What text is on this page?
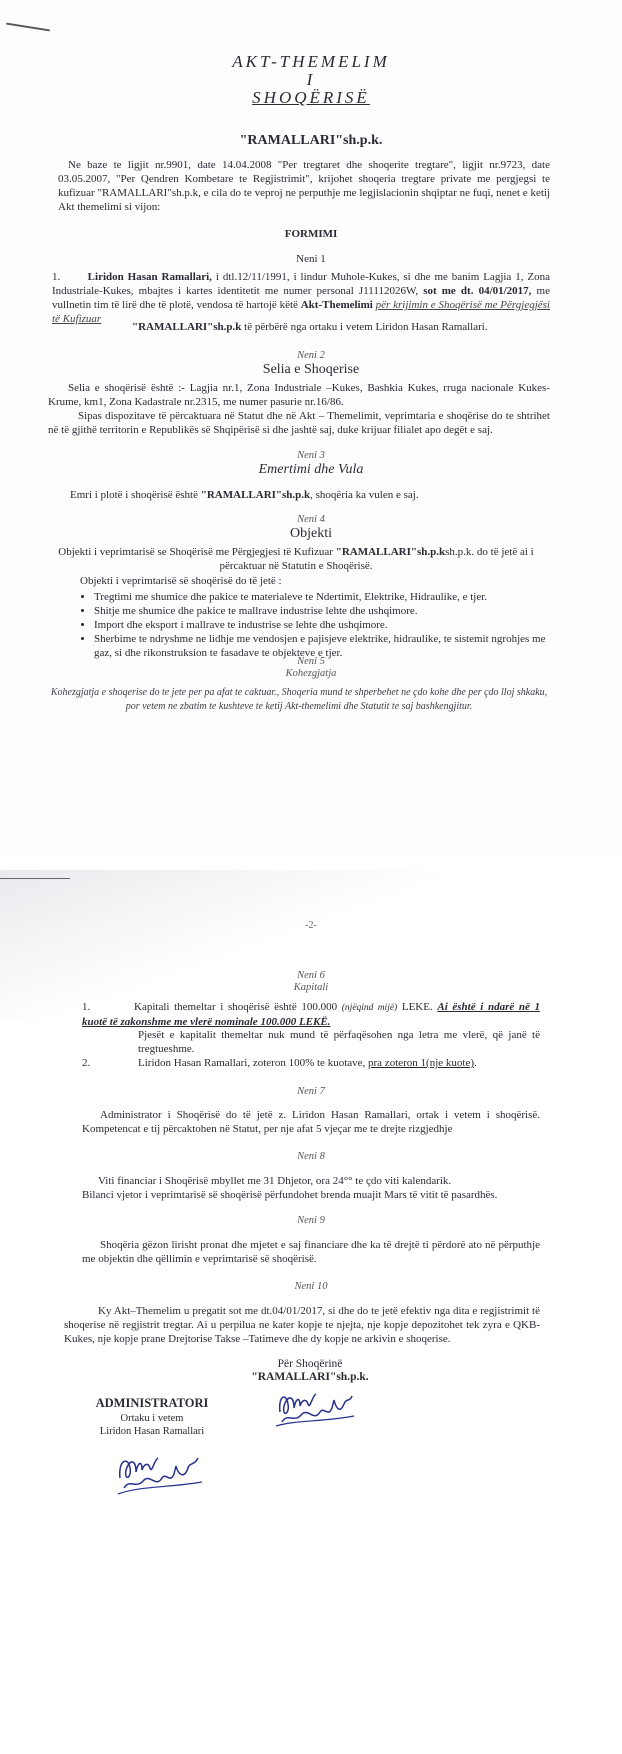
AKT-THEMELIM
I
SHOQËRISË
"RAMALLARI"sh.p.k.
Ne baze te ligjit nr.9901, date 14.04.2008 "Per tregtaret dhe shoqerite tregtare", ligjit nr.9723, date 03.05.2007, "Per Qendren Kombetare te Regjistrimit", krijohet shoqeria tregtare private me pergjegsi te kufizuar "RAMALLARI"sh.p.k, e cila do te veproj ne perputhje me legjislacionin shqiptar ne fuqi, nenet e ketij Akt themelimi si vijon:
FORMIMI
Neni 1
1. Liridon Hasan Ramallari, i dtl.12/11/1991, i lindur Muhole-Kukes, si dhe me banim Lagjia 1, Zona Industriale-Kukes, mbajtes i kartes identitetit me numer personal J11112026W, sot me dt. 04/01/2017, me vullnetin tim të lirë dhe të plotë, vendosa të hartojë këtë Akt-Themelimi për krijimin e Shoqërisë me Përgjegjësi të Kufizuar
"RAMALLARI"sh.p.k të përbërë nga ortaku i vetem Liridon Hasan Ramallari.
Neni 2
Selia e Shoqerise
Selia e shoqërisë është :- Lagjia nr.1, Zona Industriale –Kukes, Bashkia Kukes, rruga nacionale Kukes-Krume, km1, Zona Kadastrale nr.2315, me numer pasurie nr.16/86.
Sipas dispozitave të përcaktuara në Statut dhe në Akt – Themelimit, veprimtaria e shoqërise do te shtrihet në të gjithë territorin e Republikës së Shqipërisë si dhe jashtë saj, duke krijuar filialet apo degët e saj.
Neni 3
Emertimi dhe Vula
Emri i plotë i shoqërisë është "RAMALLARI"sh.p.k, shoqëria ka vulen e saj.
Neni 4
Objekti
Objekti i veprimtarisë se Shoqërisë me Përgjegjesi të Kufizuar "RAMALLARI"sh.p.ksh.p.k. do të jetë ai i përcaktuar në Statutin e Shoqërisë.
Objekti i veprimtarisë së shoqërisë do të jetë :
• Tregtimi me shumice dhe pakice te materialeve te Ndertimit, Elektrike, Hidraulike, e tjer.
• Shitje me shumice dhe pakice te mallrave industrise lehte dhe ushqimore.
• Import dhe eksport i mallrave te industrise se lehte dhe ushqimore.
• Sherbime te ndryshme ne lidhje me vendosjen e pajisjeve elektrike, hidraulike, te sistemit ngrohjes me gaz, si dhe rikonstruksion te fasadave te objekteve e tjer.
Neni 5
Kohezgjatja
Kohezgjatja e shoqerise do te jete per pa afat te caktuar., Shoqeria mund te shperbehet ne çdo kohe dhe per çdo lloj shkaku, por vetem ne zbatim te kushteve te ketij Akt-themelimi dhe Statutit te saj bashkengjitur.
-2-
Neni 6
Kapitali
1.	Kapitali themeltar i shoqërisë është 100.000 (njëqind mijë) LEKE. Ai është i ndarë në 1 kuotë të zakonshme me vlerë nominale 100.000 LEKË.
Pjesët e kapitalit themeltar nuk mund të përfaqësohen nga letra me vlerë, që janë të tregtueshme.
2.	Liridon Hasan Ramallari, zoteron 100% te kuotave, pra zoteron 1(nje kuote).
Neni 7
Administrator i Shoqërisë do të jetë z. Liridon Hasan Ramallari, ortak i vetem i shoqërisë. Kompetencat e tij përcaktohen në Statut, per nje afat 5 vjeçar me te drejte rizgjedhje
Neni 8
Viti financiar i Shoqërisë mbyllet me 31 Dhjetor, ora 24°° te çdo viti kalendarik.
Bilanci vjetor i veprimtarisë së shoqërisë përfundohet brenda muajit Mars të vitit të pasardhës.
Neni 9
Shoqëria gëzon lirisht pronat dhe mjetet e saj financiare dhe ka të drejtë ti përdorë ato në përputhje me objektin dhe qëllimin e veprimtarisë së shoqërisë.
Neni 10
Ky Akt–Themelim u pregatit sot me dt.04/01/2017, si dhe do te jetë efektiv nga dita e regjistrimit të shoqerise në regjistrit tregtar. Ai u perpilua ne kater kopje te njejta, nje kopje depozitohet tek zyra e QKB-Kukes, nje kopje prane Drejtorise Takse –Tatimeve dhe dy kopje ne arkivin e shoqerise.
Për Shoqërinë
"RAMALLARI"sh.p.k.
ADMINISTRATORI
Ortaku i vetem
Liridon Hasan Ramallari
